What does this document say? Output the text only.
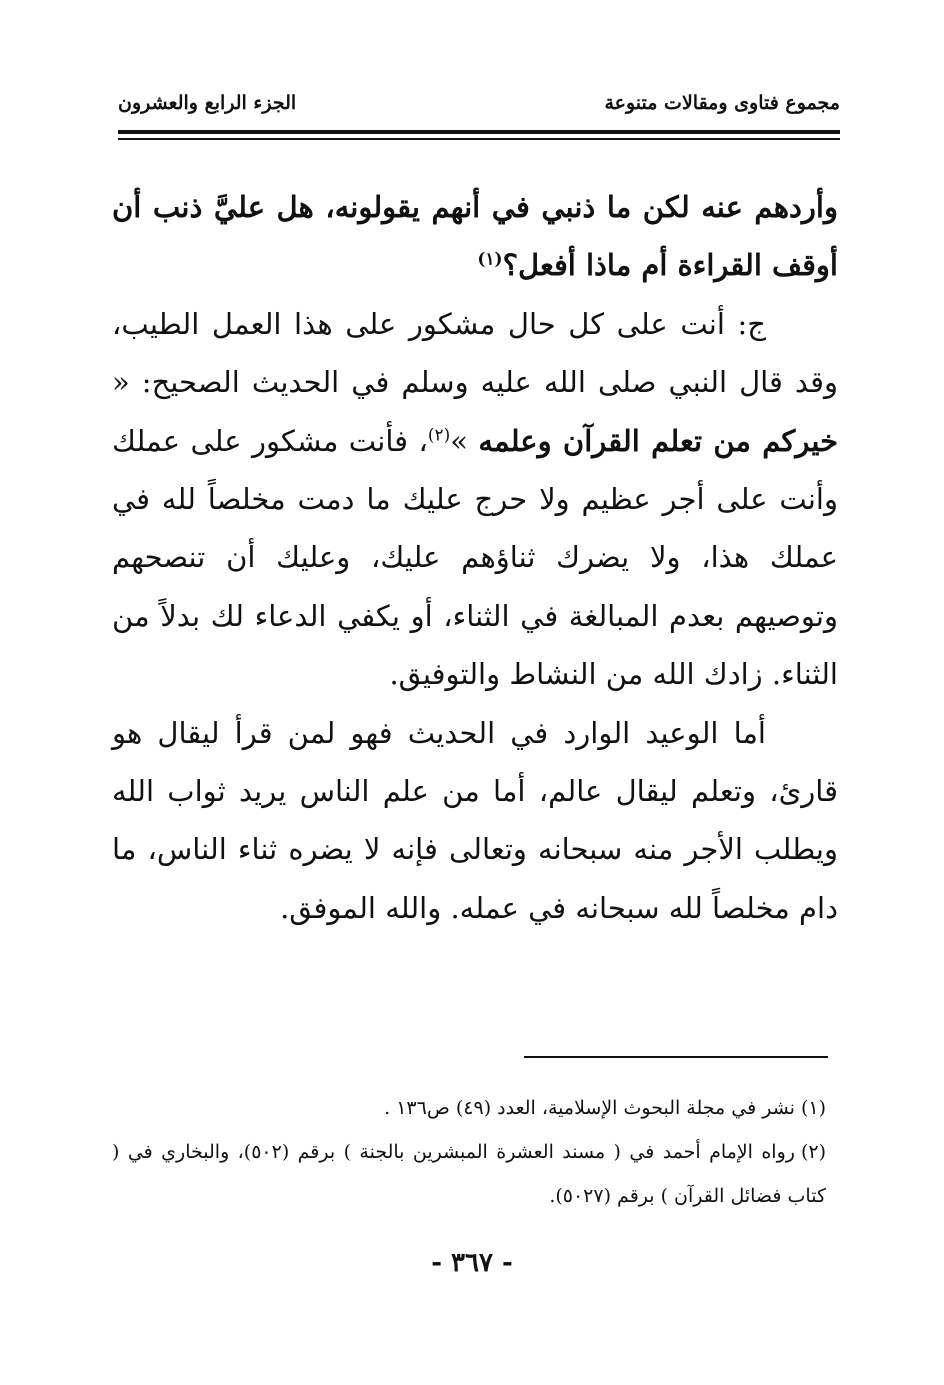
مجموع فتاوى ومقالات متنوعة
الجزء الرابع والعشرون

وأردهم عنه لكن ما ذنبي في أنهم يقولونه، هل عليَّ ذنب أن أوقف القراءة أم ماذا أفعل؟$^{(١)}$

ج: أنت على كل حال مشكور على هذا العمل الطيب، وقد قال النبي صلى الله عليه وسلم في الحديث الصحيح: « خيركم من تعلم القرآن وعلمه »$^{(٢)}$، فأنت مشكور على عملك وأنت على أجر عظيم ولا حرج عليك ما دمت مخلصاً لله في عملك هذا، ولا يضرك ثناؤهم عليك، وعليك أن تنصحهم وتوصيهم بعدم المبالغة في الثناء، أو يكفي الدعاء لك بدلاً من الثناء. زادك الله من النشاط والتوفيق.

أما الوعيد الوارد في الحديث فهو لمن قرأ ليقال هو قارئ، وتعلم ليقال عالم، أما من علم الناس يريد ثواب الله ويطلب الأجر منه سبحانه وتعالى فإنه لا يضره ثناء الناس، ما دام مخلصاً لله سبحانه في عمله. والله الموفق.

(١)نشر في مجلة البحوث الإسلامية، العدد (٤٩) ص١٣٦ .

(٢)رواه الإمام أحمد في ( مسند العشرة المبشرين بالجنة ) برقم (٥٠٢)، والبخاري في ( كتاب فضائل القرآن ) برقم (٥٠٢٧).

- ٣٦٧ -
